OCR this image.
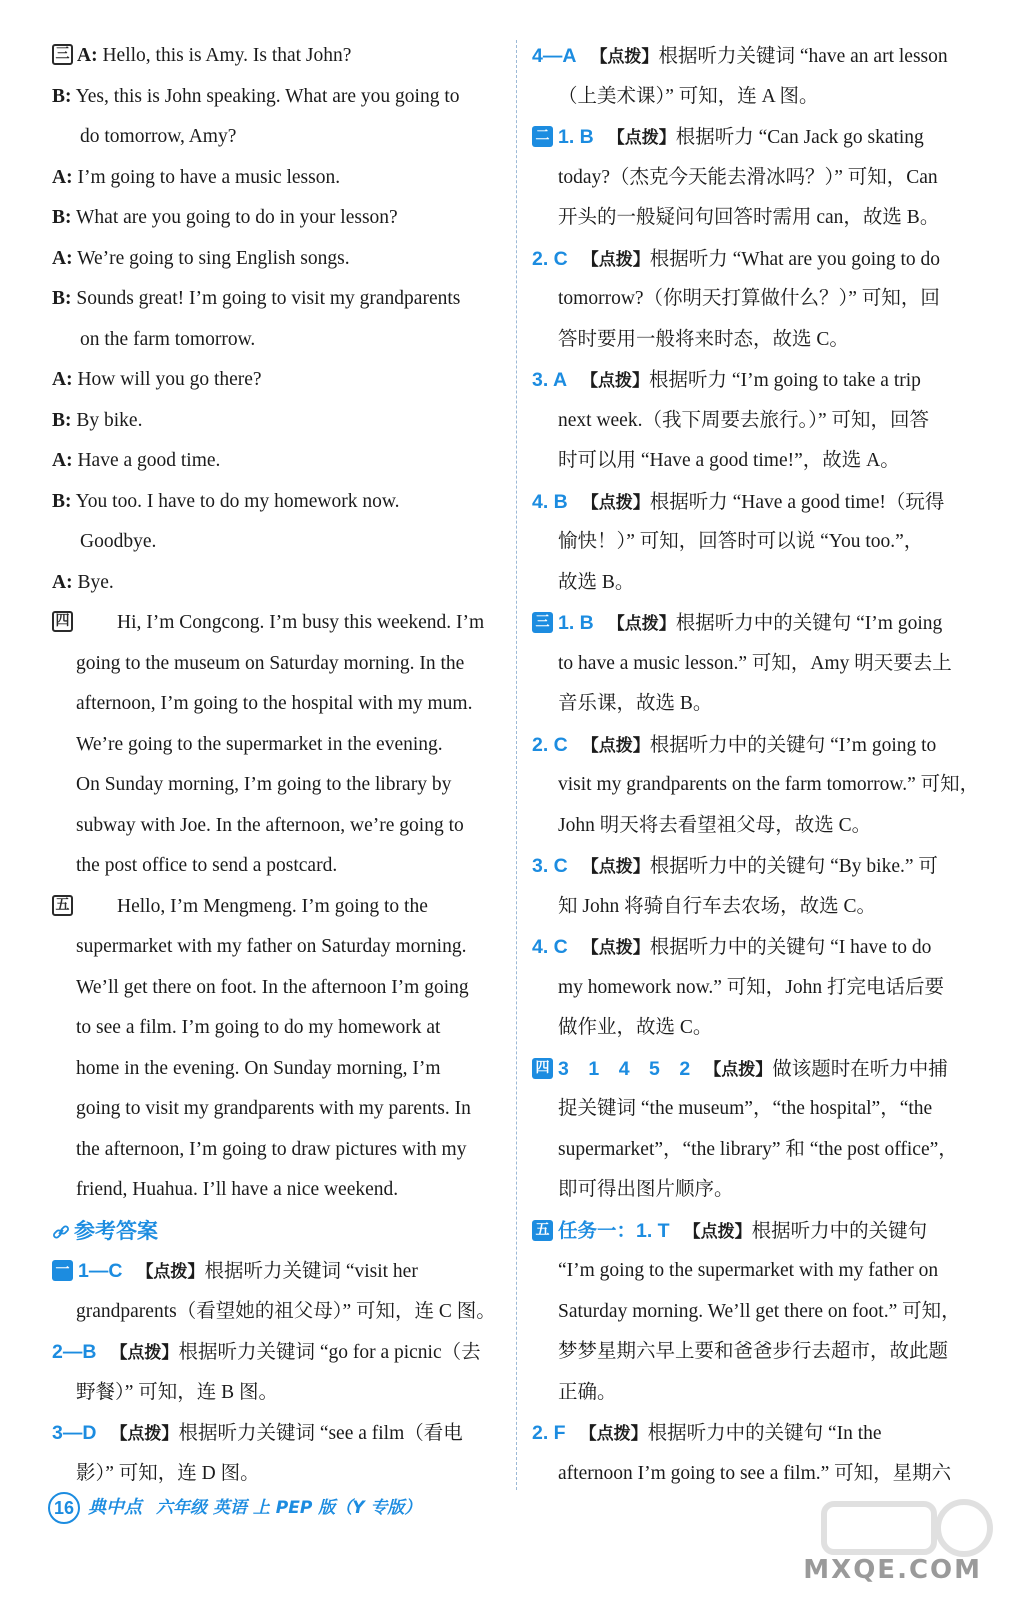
三 A: Hello, this is Amy. Is that John?
B: Yes, this is John speaking. What are you going to
do tomorrow, Amy?
A: I’m going to have a music lesson.
B: What are you going to do in your lesson?
A: We’re going to sing English songs.
B: Sounds great! I’m going to visit my grandparents
on the farm tomorrow.
A: How will you go there?
B: By bike.
A: Have a good time.
B: You too. I have to do my homework now.
Goodbye.
A: Bye.
四 Hi, I’m Congcong. I’m busy this weekend. I’m
going to the museum on Saturday morning. In the
afternoon, I’m going to the hospital with my mum.
We’re going to the supermarket in the evening.
On Sunday morning, I’m going to the library by
subway with Joe. In the afternoon, we’re going to
the post office to send a postcard.
五 Hello, I’m Mengmeng. I’m going to the
supermarket with my father on Saturday morning.
We’ll get there on foot. In the afternoon I’m going
to see a film. I’m going to do my homework at
home in the evening. On Sunday morning, I’m
going to visit my grandparents with my parents. In
the afternoon, I’m going to draw pictures with my
friend, Huahua. I’ll have a nice weekend.
参考答案
一 1—C 【点拨】根据听力关键词 “visit her
grandparents（看望她的祖父母）” 可知，连 C 图。
2—B 【点拨】根据听力关键词 “go for a picnic（去
野餐）” 可知，连 B 图。
3—D 【点拨】根据听力关键词 “see a film（看电
影）” 可知，连 D 图。
4—A 【点拨】根据听力关键词 “have an art lesson
（上美术课）” 可知，连 A 图。
二 1. B 【点拨】根据听力 “Can Jack go skating
today?（杰克今天能去滑冰吗？）” 可知，Can
开头的一般疑问句回答时需用 can，故选 B。
2. C 【点拨】根据听力 “What are you going to do
tomorrow?（你明天打算做什么？）” 可知，回
答时要用一般将来时态，故选 C。
3. A 【点拨】根据听力 “I’m going to take a trip
next week.（我下周要去旅行。）” 可知，回答
时可以用 “Have a good time!”，故选 A。
4. B 【点拨】根据听力 “Have a good time!（玩得
愉快！）” 可知，回答时可以说 “You too.”，
故选 B。
三 1. B 【点拨】根据听力中的关键句 “I’m going
to have a music lesson.” 可知，Amy 明天要去上
音乐课，故选 B。
2. C 【点拨】根据听力中的关键句 “I’m going to
visit my grandparents on the farm tomorrow.” 可知，
John 明天将去看望祖父母，故选 C。
3. C 【点拨】根据听力中的关键句 “By bike.” 可
知 John 将骑自行车去农场，故选 C。
4. C 【点拨】根据听力中的关键句 “I have to do
my homework now.” 可知，John 打完电话后要
做作业，故选 C。
四 3　1　4　5　2 【点拨】做该题时在听力中捕
捉关键词 “the museum”，“the hospital”，“the
supermarket”，“the library” 和 “the post office”，
即可得出图片顺序。
五 任务一：1. T 【点拨】根据听力中的关键句
“I’m going to the supermarket with my father on
Saturday morning. We’ll get there on foot.” 可知，
梦梦星期六早上要和爸爸步行去超市，故此题
正确。
2. F 【点拨】根据听力中的关键句 “In the
afternoon I’m going to see a film.” 可知，星期六
16 典中点 六年级 英语 上 PEP 版（Y 专版）
MXQE.COM
